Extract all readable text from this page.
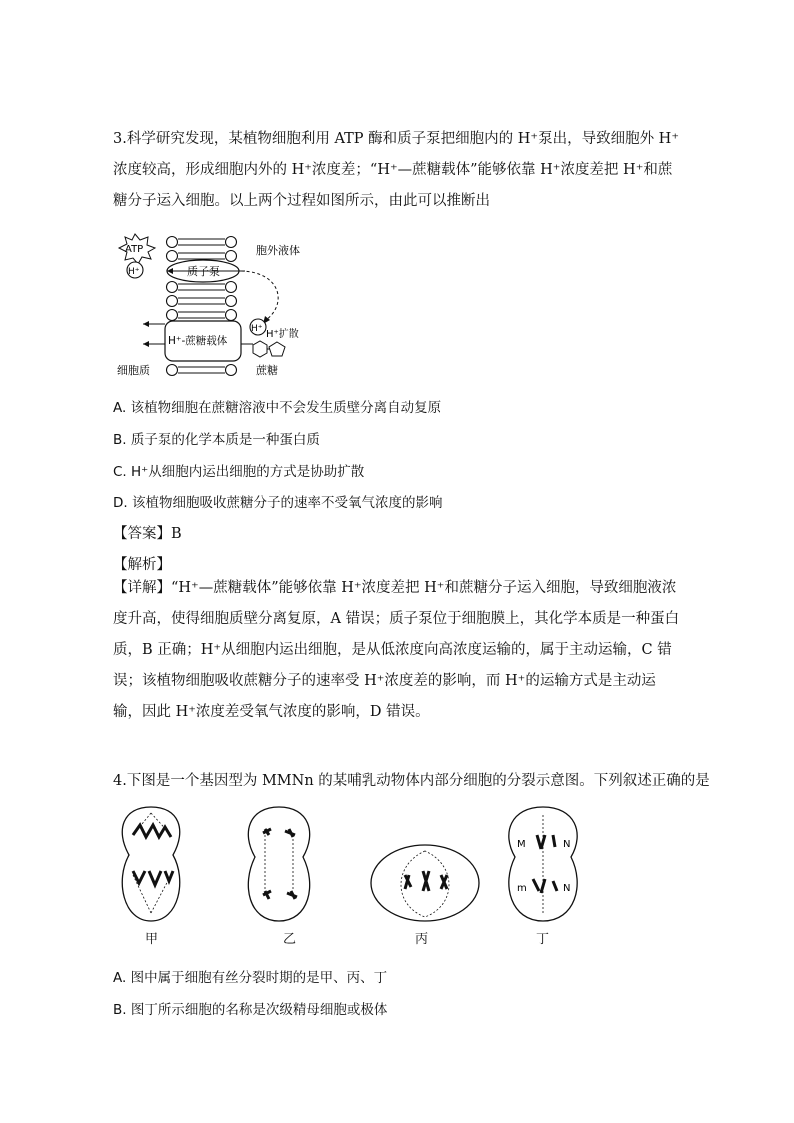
3.科学研究发现，某植物细胞利用 ATP 酶和质子泵把细胞内的 H⁺泵出，导致细胞外 H⁺浓度较高，形成细胞内外的 H⁺浓度差；“H⁺—蔗糖载体”能够依靠 H⁺浓度差把 H⁺和蔗糖分子运入细胞。以上两个过程如图所示，由此可以推断出

质子泵
ATP
H⁺
胞外液体
H⁺-蔗糖载体
H⁺ H⁺扩散
细胞质	蔗糖
A. 该植物细胞在蔗糖溶液中不会发生质壁分离自动复原
B. 质子泵的化学本质是一种蛋白质
C. H⁺从细胞内运出细胞的方式是协助扩散
D. 该植物细胞吸收蔗糖分子的速率不受氧气浓度的影响
【答案】B
【解析】

【详解】“H⁺—蔗糖载体”能够依靠 H⁺浓度差把 H⁺和蔗糖分子运入细胞，导致细胞液浓度升高，使得细胞质壁分离复原，A 错误；质子泵位于细胞膜上，其化学本质是一种蛋白质，B 正确；H⁺从细胞内运出细胞，是从低浓度向高浓度运输的，属于主动运输，C 错误；该植物细胞吸收蔗糖分子的速率受 H⁺浓度差的影响，而 H⁺的运输方式是主动运输，因此 H⁺浓度差受氧气浓度的影响，D 错误。

4.下图是一个基因型为 MMNn 的某哺乳动物体内部分细胞的分裂示意图。下列叙述正确的是
M	N
m	N
甲	乙	丙	丁
A. 图中属于细胞有丝分裂时期的是甲、丙、丁
B. 图丁所示细胞的名称是次级精母细胞或极体
